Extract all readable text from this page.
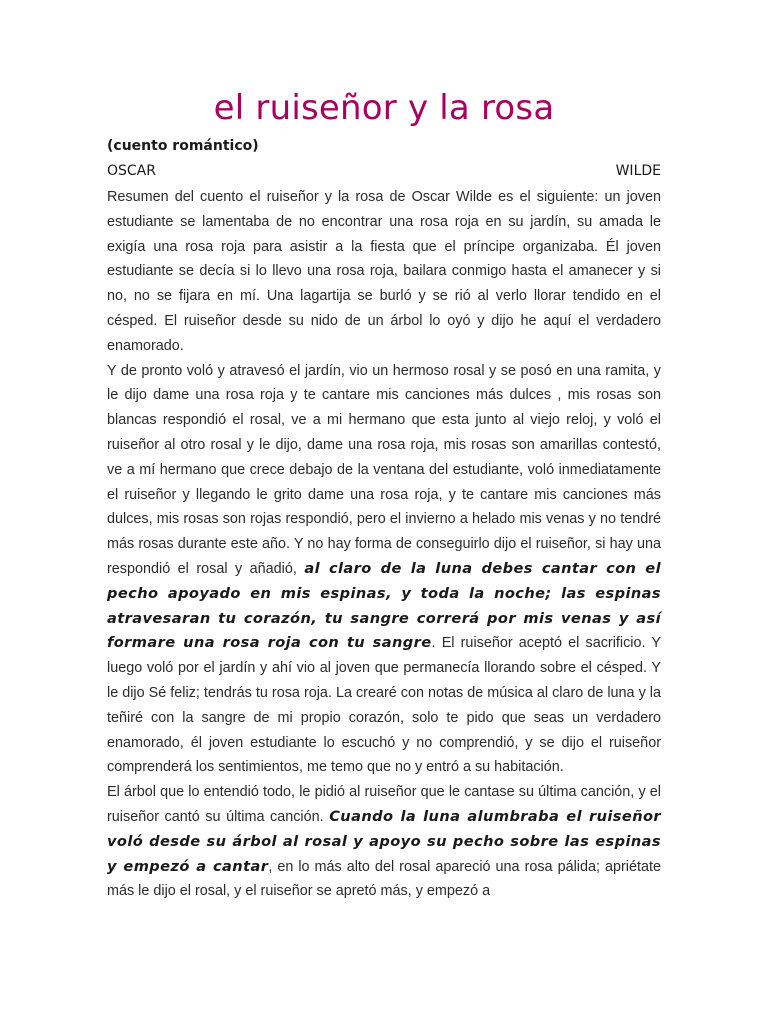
el ruiseñor y la rosa
(cuento romántico)
OSCAR	WILDE

Resumen del cuento el ruiseñor y la rosa de Oscar Wilde es el siguiente: un joven estudiante se lamentaba de no encontrar una rosa roja en su jardín, su amada le exigía una rosa roja para asistir a la fiesta que el príncipe organizaba. Él joven estudiante se decía si lo llevo una rosa roja, bailara conmigo hasta el amanecer y si no, no se fijara en mí. Una lagartija se burló y se rió al verlo llorar tendido en el césped. El ruiseñor desde su nido de un árbol lo oyó y dijo he aquí el verdadero enamorado.

Y de pronto voló y atravesó el jardín, vio un hermoso rosal y se posó en una ramita, y le dijo dame una rosa roja y te cantare mis canciones más dulces , mis rosas son blancas respondió el rosal, ve a mi hermano que esta junto al viejo reloj, y voló el ruiseñor al otro rosal y le dijo, dame una rosa roja, mis rosas son amarillas contestó, ve a mí hermano que crece debajo de la ventana del estudiante, voló inmediatamente el ruiseñor y llegando le grito dame una rosa roja, y te cantare mis canciones más dulces, mis rosas son rojas respondió, pero el invierno a helado mis venas y no tendré más rosas durante este año. Y no hay forma de conseguirlo dijo el ruiseñor, si hay una respondió el rosal y añadió, al claro de la luna debes cantar con el pecho apoyado en mis espinas, y toda la noche; las espinas atravesaran tu corazón, tu sangre correrá por mis venas y así formare una rosa roja con tu sangre. El ruiseñor aceptó el sacrificio. Y luego voló por el jardín y ahí vio al joven que permanecía llorando sobre el césped. Y le dijo Sé feliz; tendrás tu rosa roja. La crearé con notas de música al claro de luna y la teñiré con la sangre de mi propio corazón, solo te pido que seas un verdadero enamorado, él joven estudiante lo escuchó y no comprendió, y se dijo el ruiseñor comprenderá los sentimientos, me temo que no y entró a su habitación.

El árbol que lo entendió todo, le pidió al ruiseñor que le cantase su última canción, y el ruiseñor cantó su última canción. Cuando la luna alumbraba el ruiseñor voló desde su árbol al rosal y apoyo su pecho sobre las espinas y empezó a cantar, en lo más alto del rosal apareció una rosa pálida; apriétate más le dijo el rosal, y el ruiseñor se apretó más, y empezó a
